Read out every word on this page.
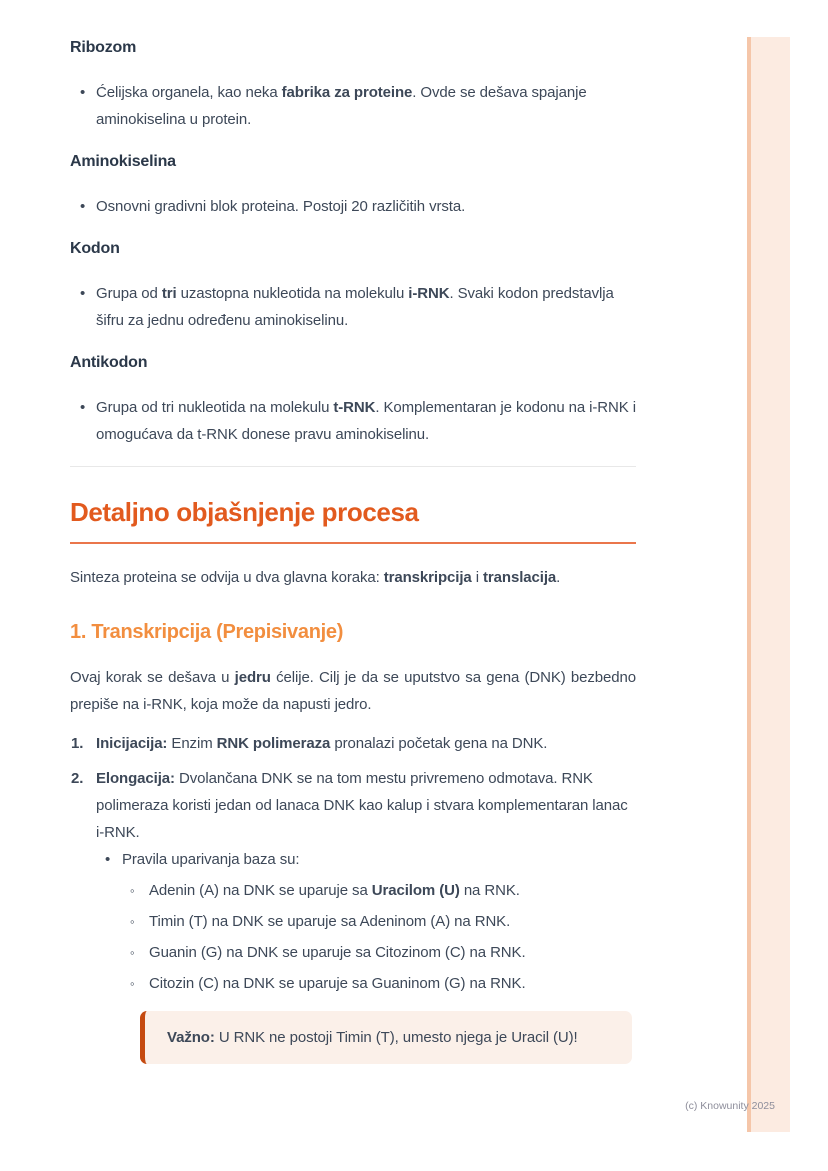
Ribozom
• Ćelijska organela, kao neka fabrika za proteine. Ovde se dešava spajanje aminokiselina u protein.
Aminokiselina
• Osnovni gradivni blok proteina. Postoji 20 različitih vrsta.
Kodon
• Grupa od tri uzastopna nukleotida na molekulu i-RNK. Svaki kodon predstavlja šifru za jednu određenu aminokiselinu.
Antikodon
• Grupa od tri nukleotida na molekulu t-RNK. Komplementaran je kodonu na i-RNK i omogućava da t-RNK donese pravu aminokiselinu.
Detaljno objašnjenje procesa

Sinteza proteina se odvija u dva glavna koraka: transkripcija i translacija.

1. Transkripcija (Prepisivanje)

Ovaj korak se dešava u jedru ćelije. Cilj je da se uputstvo sa gena (DNK) bezbedno prepiše na i-RNK, koja može da napusti jedro.

1. Inicijacija: Enzim RNK polimeraza pronalazi početak gena na DNK.
2. Elongacija: Dvolančana DNK se na tom mestu privremeno odmotava. RNK polimeraza koristi jedan od lanaca DNK kao kalup i stvara komplementaran lanac i-RNK.
• Pravila uparivanja baza su:
◦ Adenin (A) na DNK se uparuje sa Uracilom (U) na RNK.
◦ Timin (T) na DNK se uparuje sa Adeninom (A) na RNK.
◦ Guanin (G) na DNK se uparuje sa Citozinom (C) na RNK.
◦ Citozin (C) na DNK se uparuje sa Guaninom (G) na RNK.

Važno: U RNK ne postoji Timin (T), umesto njega je Uracil (U)!

(c) Knowunity 2025
